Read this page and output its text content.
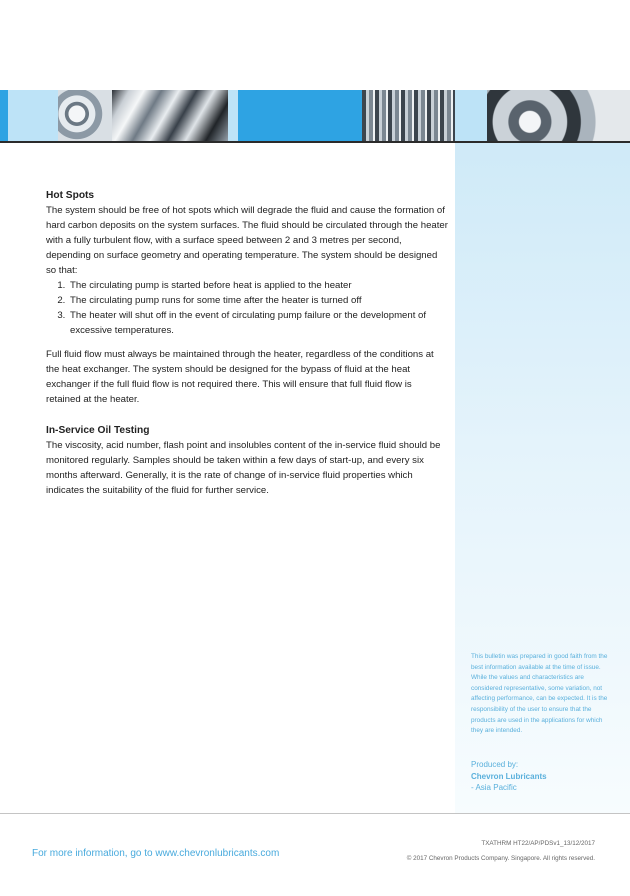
Hot Spots

The system should be free of hot spots which will degrade the fluid and cause the formation of hard carbon deposits on the system surfaces. The fluid should be circulated through the heater with a fully turbulent flow, with a surface speed between 2 and 3 metres per second, depending on surface geometry and operating temperature. The system should be designed so that:

1. The circulating pump is started before heat is applied to the heater
2. The circulating pump runs for some time after the heater is turned off
3. The heater will shut off in the event of circulating pump failure or the development of excessive temperatures.

Full fluid flow must always be maintained through the heater, regardless of the conditions at the heat exchanger. The system should be designed for the bypass of fluid at the heat exchanger if the full fluid flow is not required there. This will ensure that full fluid flow is retained at the heater.

In-Service Oil Testing

The viscosity, acid number, flash point and insolubles content of the in-service fluid should be monitored regularly. Samples should be taken within a few days of start-up, and every six months afterward. Generally, it is the rate of change of in-service fluid properties which indicates the suitability of the fluid for further service.

This bulletin was prepared in good faith from the best information available at the time of issue. While the values and characteristics are considered representative, some variation, not affecting performance, can be expected. It is the responsibility of the user to ensure that the products are used in the applications for which they are intended.
Produced by:
Chevron Lubricants
- Asia Pacific
For more information, go to www.chevronlubricants.com
TXATHRM HT22/AP/PDSv1_13/12/2017
© 2017 Chevron Products Company. Singapore. All rights reserved.
